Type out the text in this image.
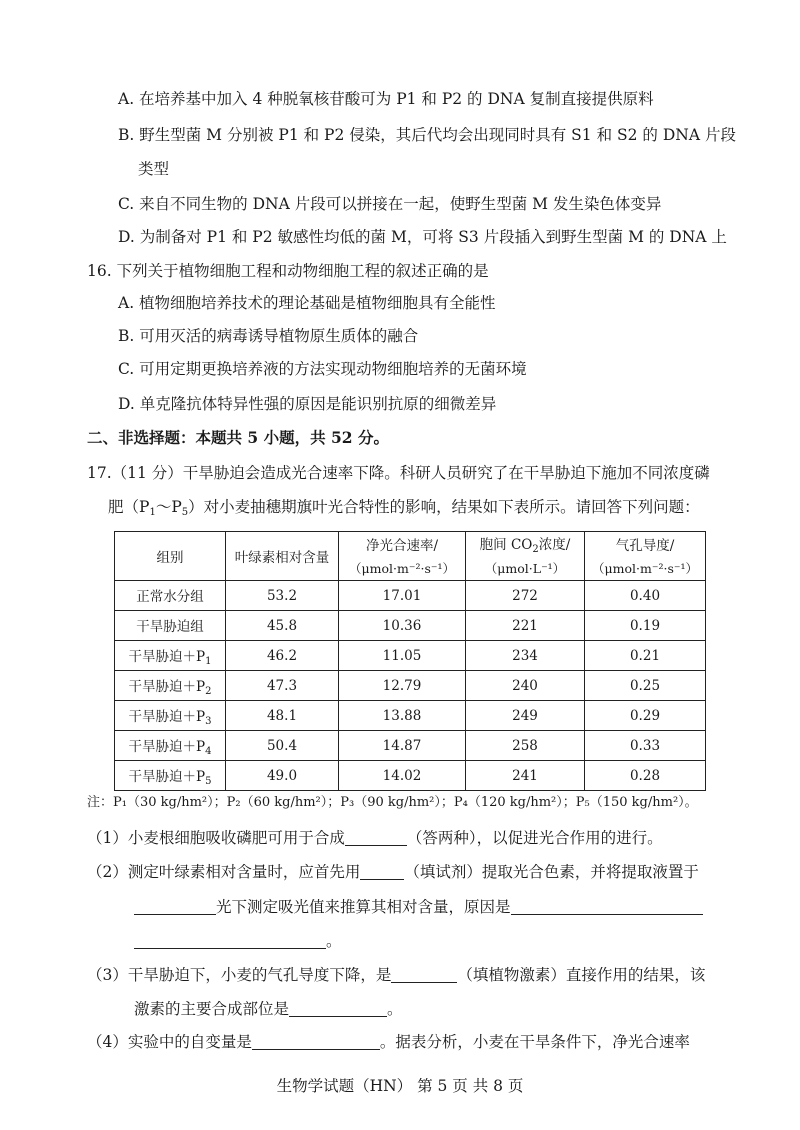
A. 在培养基中加入 4 种脱氧核苷酸可为 P1 和 P2 的 DNA 复制直接提供原料
B. 野生型菌 M 分别被 P1 和 P2 侵染，其后代均会出现同时具有 S1 和 S2 的 DNA 片段
类型
C. 来自不同生物的 DNA 片段可以拼接在一起，使野生型菌 M 发生染色体变异
D. 为制备对 P1 和 P2 敏感性均低的菌 M，可将 S3 片段插入到野生型菌 M 的 DNA 上
16. 下列关于植物细胞工程和动物细胞工程的叙述正确的是
A. 植物细胞培养技术的理论基础是植物细胞具有全能性
B. 可用灭活的病毒诱导植物原生质体的融合
C. 可用定期更换培养液的方法实现动物细胞培养的无菌环境
D. 单克隆抗体特异性强的原因是能识别抗原的细微差异
二、非选择题：本题共 5 小题，共 52 分。
17.（11 分）干旱胁迫会造成光合速率下降。科研人员研究了在干旱胁迫下施加不同浓度磷
肥$(P_1\sim P_5)$对小麦抽穗期旗叶光合特性的影响，结果如下表所示。请回答下列问题：
组别	叶绿素相对含量	净光合速率/	胞间 $CO_2$浓度/	气孔导度/
		（μmol·m⁻²·s⁻¹）	（μmol·L⁻¹）	（μmol·m⁻²·s⁻¹）
正常水分组	53.2	17.01	272	0.40
干旱胁迫组	45.8	10.36	221	0.19
干旱胁迫$+P_1$	46.2	11.05	234	0.21
干旱胁迫$+P_2$	47.3	12.79	240	0.25
干旱胁迫$+P_3$	48.1	13.88	249	0.29
干旱胁迫$+P_4$	50.4	14.87	258	0.33
干旱胁迫$+P_5$	49.0	14.02	241	0.28
注：P₁（30 kg/hm²）；P₂（60 kg/hm²）；P₃（90 kg/hm²）；P₄（120 kg/hm²）；P₅（150 kg/hm²）。
（1）小麦根细胞吸收磷肥可用于合成	（答两种），以促进光合作用的进行。
（2）测定叶绿素相对含量时，应首先用	（填试剂）提取光合色素，并将提取液置于
光下测定吸光值来推算其相对含量，原因是
。
（3）干旱胁迫下，小麦的气孔导度下降，是	（填植物激素）直接作用的结果，该
激素的主要合成部位是	。
（4）实验中的自变量是	。据表分析，小麦在干旱条件下，净光合速率
生物学试题（HN） 第 5 页 共 8 页
